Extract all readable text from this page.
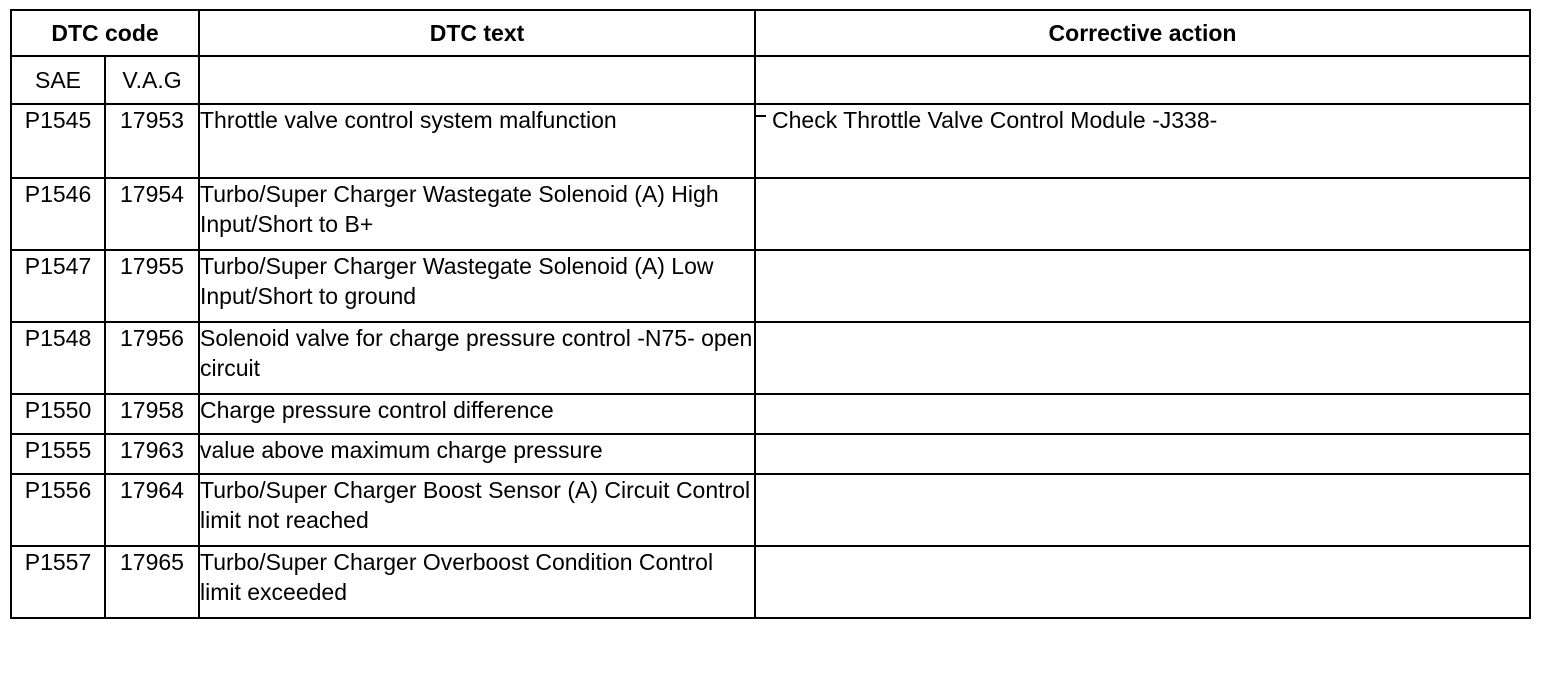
DTC code		DTC text	Corrective action
SAE	V.A.G		
P1545	17953	Throttle valve control system malfunction	Check Throttle Valve Control Module -J338-
P1546	17954	Turbo/Super Charger Wastegate Solenoid (A) High Input/Short to B+	
P1547	17955	Turbo/Super Charger Wastegate Solenoid (A) Low Input/Short to ground	
P1548	17956	Solenoid valve for charge pressure control -N75- open circuit	
P1550	17958	Charge pressure control difference	
P1555	17963	value above maximum charge pressure	
P1556	17964	Turbo/Super Charger Boost Sensor (A) Circuit Control limit not reached	
P1557	17965	Turbo/Super Charger Overboost Condition Control limit exceeded	
